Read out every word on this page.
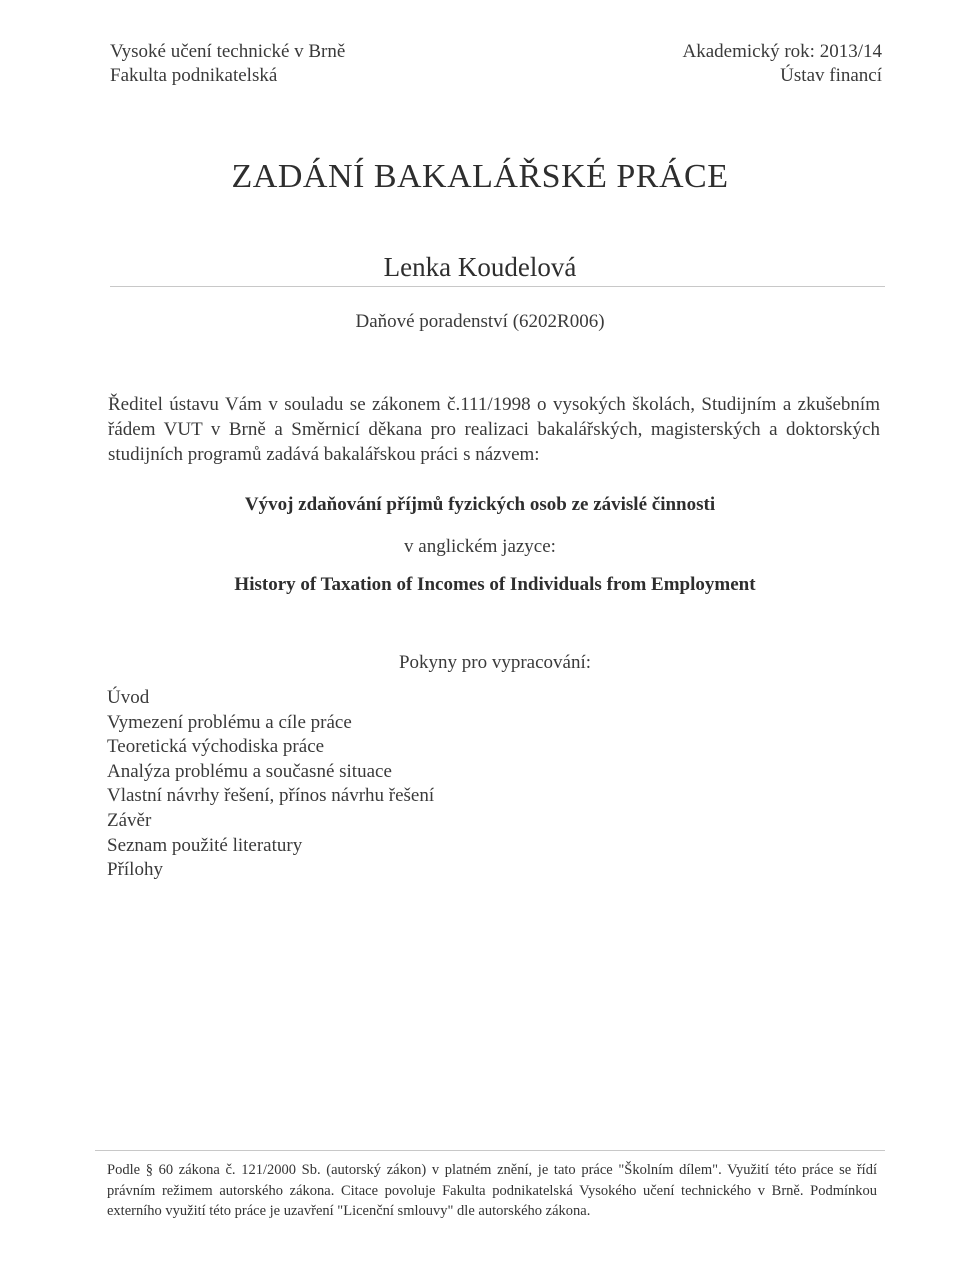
Vysoké učení technické v Brně
Fakulta podnikatelská
Akademický rok: 2013/14
Ústav financí
ZADÁNÍ BAKALÁŘSKÉ PRÁCE
Lenka Koudelová
Daňové poradenství (6202R006)
Ředitel ústavu Vám v souladu se zákonem č.111/1998 o vysokých školách, Studijním a zkušebním řádem VUT v Brně a Směrnicí děkana pro realizaci bakalářských, magisterských a doktorských studijních programů zadává bakalářskou práci s názvem:
Vývoj zdaňování příjmů fyzických osob ze závislé činnosti
v anglickém jazyce:
History of Taxation of Incomes of Individuals from Employment
Pokyny pro vypracování:
Úvod
Vymezení problému a cíle práce
Teoretická východiska práce
Analýza problému a současné situace
Vlastní návrhy řešení, přínos návrhu řešení
Závěr
Seznam použité literatury
Přílohy
Podle § 60 zákona č. 121/2000 Sb. (autorský zákon) v platném znění, je tato práce "Školním dílem". Využití této práce se řídí právním režimem autorského zákona. Citace povoluje Fakulta podnikatelská Vysokého učení technického v Brně. Podmínkou externího využití této práce je uzavření "Licenční smlouvy" dle autorského zákona.
